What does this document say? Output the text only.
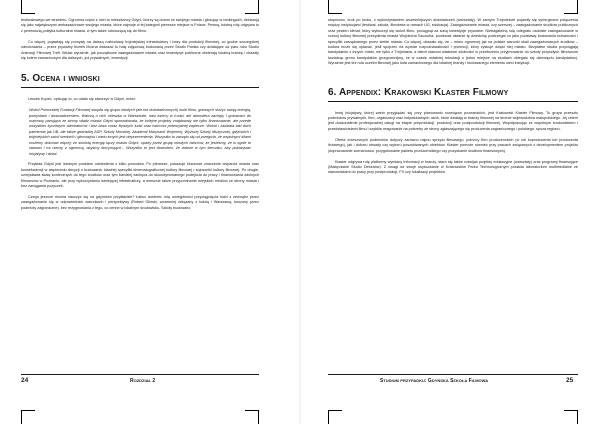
festiwalowego we wrześniu. Ogromna część z nich to mieszkańcy Gdyni, którzy są dumni ze swojego miasta i głosując w rankingach, deklarują się jako największymi ambasadorowie swojego miasta, które zajmuje w tej kategorii pierwsze miejsce w Polsce. Pewną, istotną rolę odgrywa tu z pewnością polityka kulturalna miasta, w tym także odnoszącą się do filmu.

Co więcej, pojawiają się pomysły na dalszą rozbudowę trójmiejskiej infrastruktury i bazy dla produkcji filmowej, co godne szczególnej odnotowania – przez prywatny biznes Można wskazać tu halę zdjęciową budowaną przez Studio Panika czy działające od paru roku Studio Animacji Filmowej Trefl. Widać wyraźnie, jak początkowe zaangażowanie miasta oraz inwestycje publiczne otwierają lokalną branżę i okazały się kołem zamachowym dla dalszych, już prywatnych, inwestycji.

5. Ocena i wnioski

Leszek Kopeć, opisując to, co udało się stworzyć w Gdyni, mówi:

Wokół Pomorskiej Fundacji Filmowej skupiła się grupa młodych (ale też doświadczonych) ludzi filmu, gotowych służyć swoją energią, pomysłami i doświadczeniem. Walczą o nich mieszka w Warszawie, nasi twórcy w Łodzi; ale atmosfera zachęty i gotowości do rozmowy panująca ze strony władz miasta Gdyni spowodowała, że kolejne projekty znajdowały nie tylko finansowanie, ale przede wszystkim życzliwych admiratorów i bez baza coraz lepszych ludzi oraz twórców potencjalnej zaplecze. Wokół i zadziała taki duch partnerów jak UB, ale także gdańskiej ASP, Szkoły Morskiej, Akademii Marynarki Wojennej, Wyższej Szkoły Muzycznej, gdyńskich i trójmiejskich szkół średnich i gimnazjów i wielu innych jest nieprzecenienia. Wszystko to zaczęło się od przejęcia, że wspólnymi siłami możemy dokonać więcej; że swoistą energię łączy miasto Gdyni, oparty przez grupę młodych twórców, że jesteśmy, że w ogóle to stanowi i na rzeczy z ogromną, abyśmy fascynujące... Wszystko to jest dowodem, że dobrze w tym kierunku, aby pokazywać inicjatywy i dziać.

Przykład Gdyni jest istotnym punktem odniesienia z kilku powodów. Po pierwsze, pokazuje kluczowe znaczenie wsparcia miasta oraz konsekwencji w wspieraniu decyzji o budowaniu lokalnej specyfiki kinematograficznej kultury filmowej i sojuszniki kultury filmowej. Po drugie, uzmysławia skalę koniecznych do tego środków oraz tym bardziej zachęca do skoordynowanego podejścia do pracy i finansowania zdolnych filmowców w Poznaniu, ale przy wykorzystaniu istniejącej infrastruktury, a wreszcie także przypominanie miejskich mediów ze strony miasta i bez zaciągania pożyczek.

Czego jeszcze można nauczyć się na gdyńskim przykładzie? Łatwo dostrzec rolę umiejętności przyciągnięcia ludzi z zewnątrz przez zaangażowanie się w odpowiednich warunkach i perspektywy (Robert Gliński, wcześniej związany z łodzią i Warszawą, kuszony przez podmioty zagraniczne), bez rezygnowania z tego, co cenne w lokalnym środowisku. Szkoły budowano

24	Rozdział 2

stopniowo, krok po kroku, z wykorzystaniem wcześniejszych doświadczeń (warsztaty). W samym Trójmieście pojawiły się synergiczne połączenia między instytucjami (festiwal, szkoła, filmoteka w ramach UG, edukacja). Zaangażowanie miasta, czy szerszej – zaangażowanie środków publicznych oraz pewien klimat, który wytworzył się wokół filmu, pociągnął za sobą inwestycje prywatne. Niebagatelną rolę odegrało osobiste zaangażowanie w rozwój kultury filmowej prezydenta miasta Wojciecha Szczurka, ponieważ właśnie tę dziedzinę postrzegał on jako podstawę budowania tożsamości i specyfiki zarządzanego przez siebie miasta. Co więcej, okazało się, że – mimo ogromnej jak na polskie warunki skali zaangażowanych środków – kultura może się opłacać, jeśli spojrzeć na wymiar rozpoznawalności i promocji, który zyskuje dzięki niej miasto. Bezpłatne studia przyciągają kandydatów z innych miast, nie tylko z Trójmiasta, a talent stanowi właściwe zdolności w przeliczeniu przyjmowanie do szkoły przyszłych filmowców kształcąc grono kandydatów (przypomnijmy, że w czasie ostatniej rekrutacji o jedno miejsce na studiach ubiegało się dziewięciu kandydatów). Wyraźnie jest też rola uczelni filmowej jako koła zamachowego dla lokalnej branży i budowanego elementu sieci instytucji.

6. Appendix: Krakowski Klaster Filmowy

Innej inicjatywy, której warto przyglądać się przy planowaniu rozwiązań poznańskich, jest Krakowski Klaster Filmowy. To grupa przeszło podmiotów prywatnych, firm, organizacji oraz indywidualnych osób, które działają w branży filmowej na terenie województwa małopolskiego. Jej celem jest doskonalenie profesjonalnej usługi na etapie preprodukcji, produkcji oraz postprodukcji filmowej. Współpracując ze wspólnym środowiskiem i przedstawicielami filmu i szybkie reagowanie na potrzeby ze strony zgłaszającego się producenta zagranicznego i polskiego, spoza regionu.

Oferta zrzeszonych podmiotów dotyczy zarówno najmu sprzętu filmowego, pomocy firm producenckich (w roli koproducenta lub producenta liniowego), jak i doboru obsady czy wyboru poszukiwanych obiektów. Klaster pomoże również przy pracach związanych z developmentem projektu (dopracowanie scenariusza, przygotowanie pakietu producenckiego czy pozyskanie środków finansowych).

Klaster odgrywa rolę platformy wymiany informacji w branży, stara się także rozwijać projekty edukacyjne (warsztaty) oraz programy finansujące (Małopolskie Studio Debiutów). Z uwagi na swoje usytuowanie w Krakowskim Parku Technologicznym posiada laboratorium multimedialne ze stanowiskami do pracy przy postprodukcji, FX czy lokalizacji projektów.

Studium przypadku: Gdyńska Szkoła Filmowa	25
